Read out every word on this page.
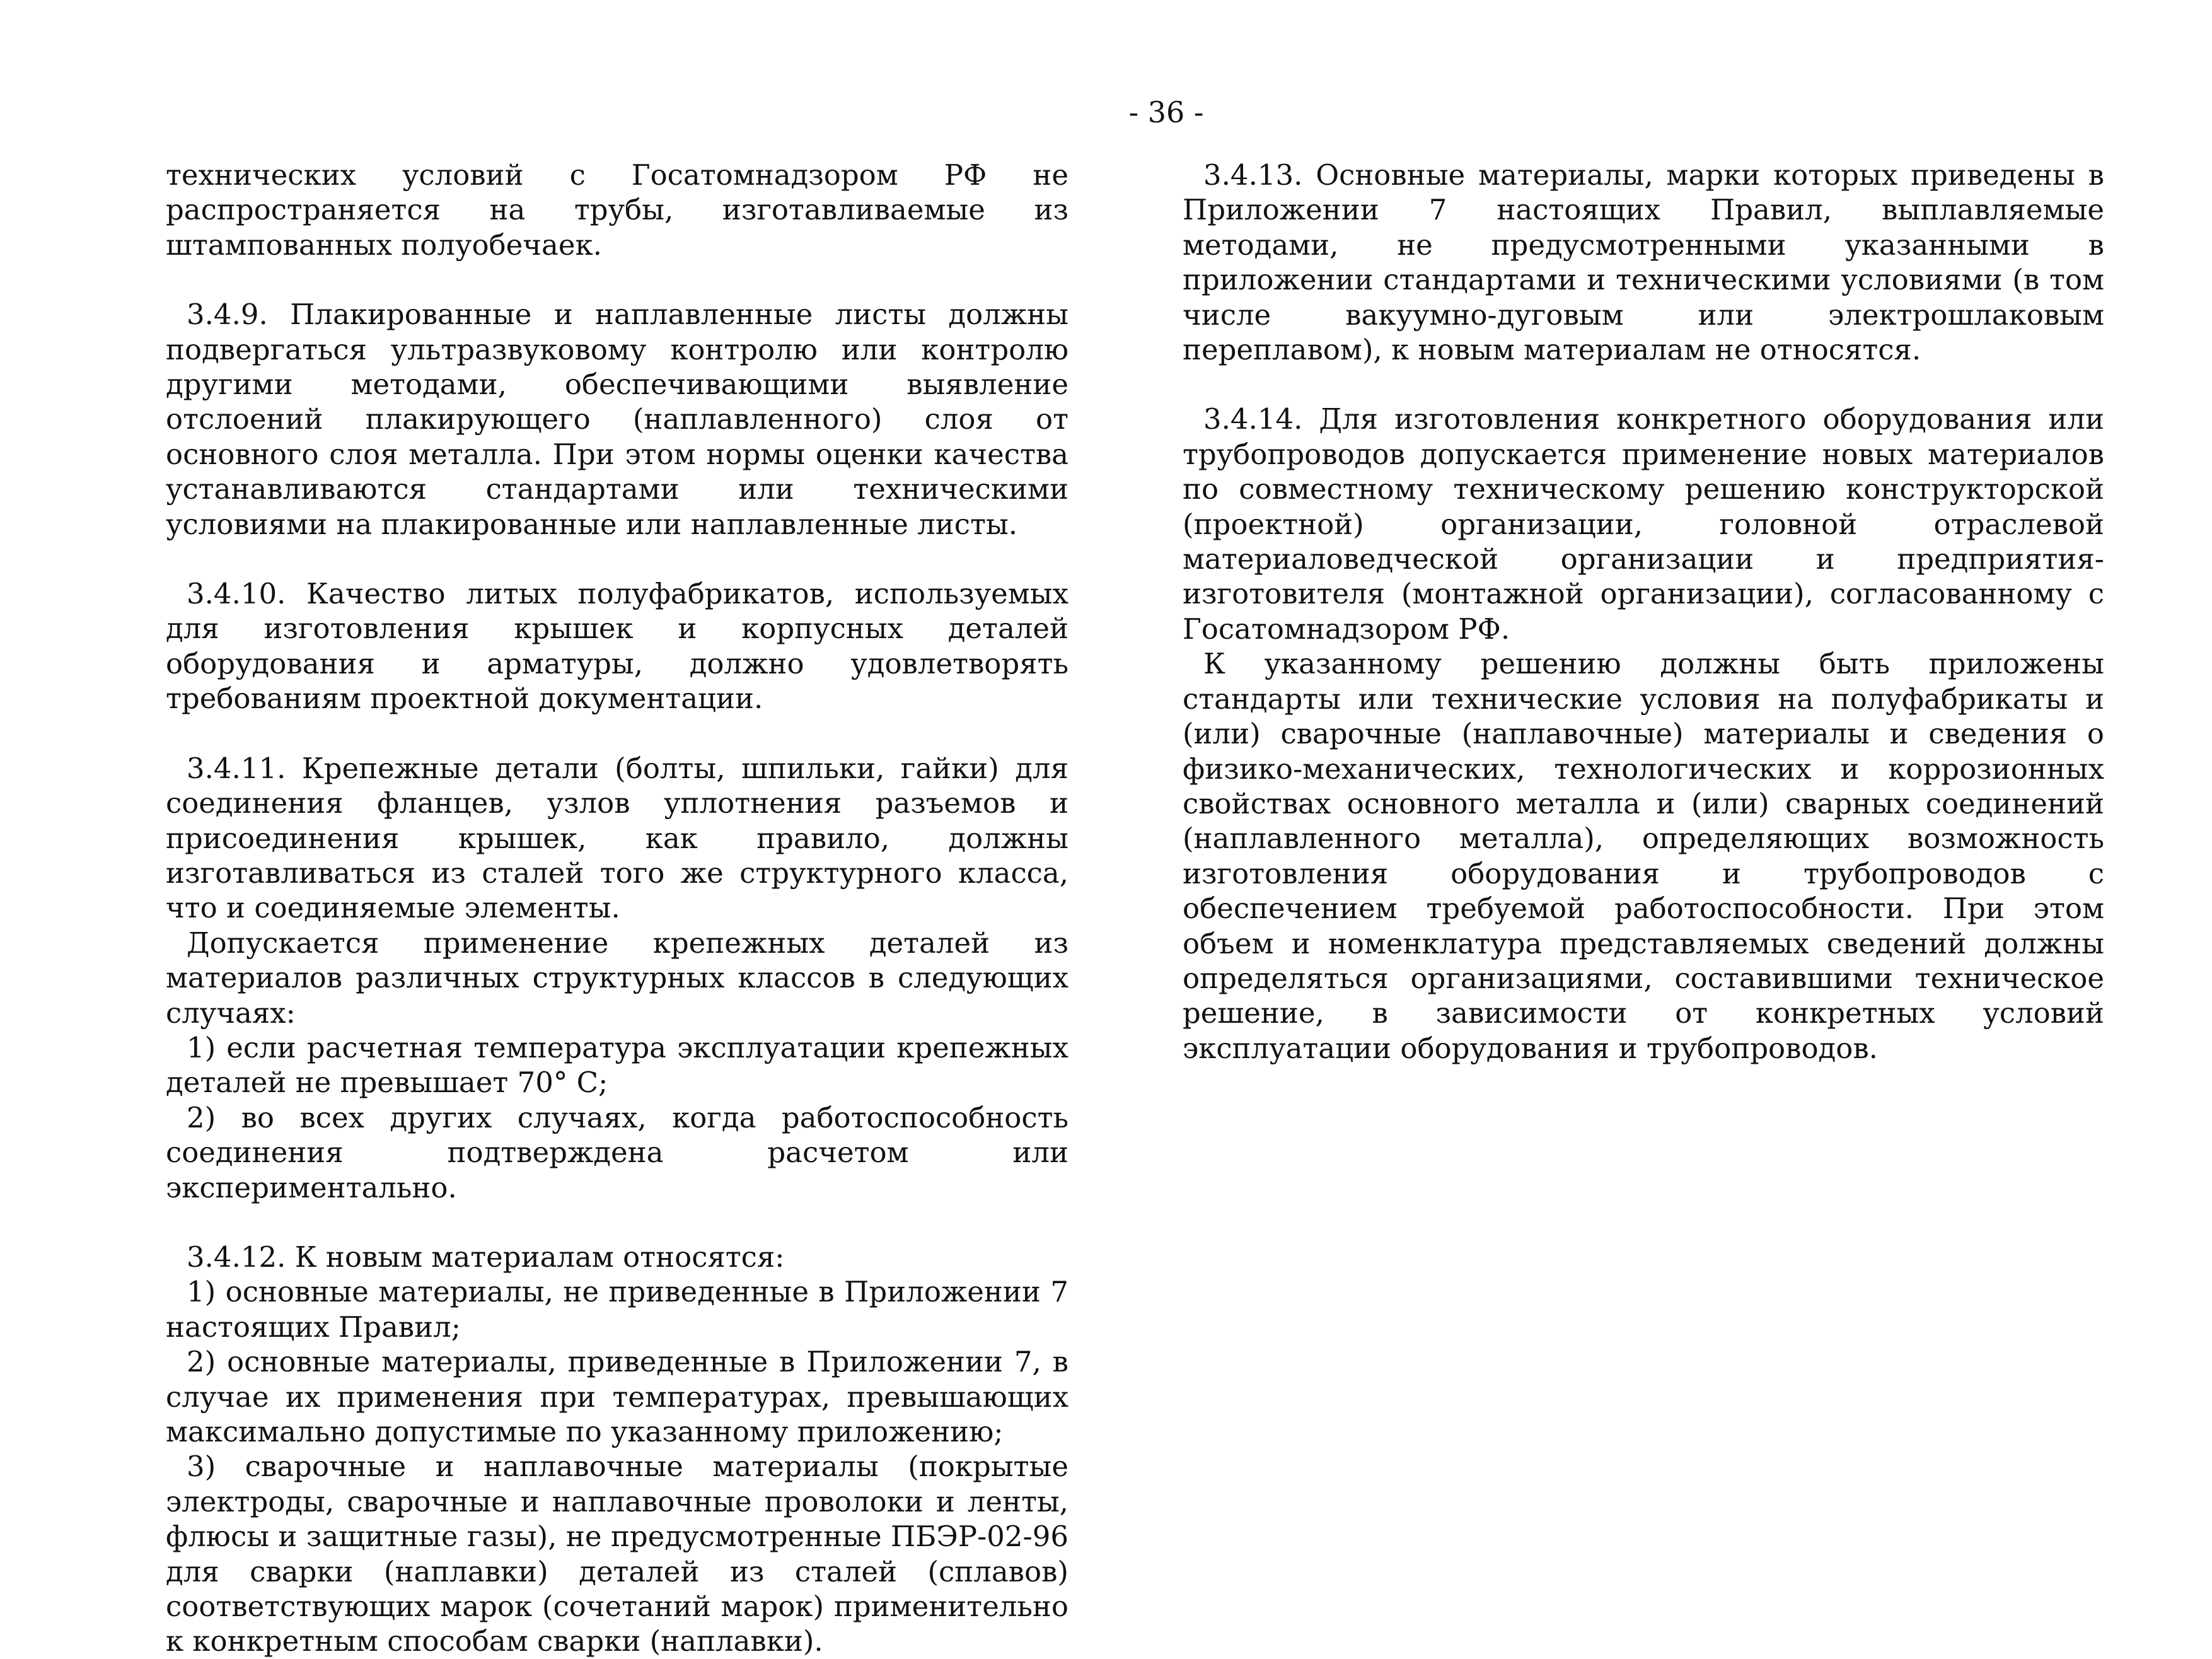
- 36 -

технических условий с Госатомнадзором РФ не распространяется на трубы, изготавливаемые из штампованных полуобечаек.

3.4.9. Плакированные и наплавленные листы должны подвергаться ультразвуковому контролю или контролю другими методами, обеспечивающими выявление отслоений плакирующего (наплавленного) слоя от основного слоя металла. При этом нормы оценки качества устанавливаются стандартами или техническими условиями на плакированные или наплавленные листы.

3.4.10. Качество литых полуфабрикатов, используемых для изготовления крышек и корпусных деталей оборудования и арматуры, должно удовлетворять требованиям проектной документации.

3.4.11. Крепежные детали (болты, шпильки, гайки) для соединения фланцев, узлов уплотнения разъемов и присоединения крышек, как правило, должны изготавливаться из сталей того же структурного класса, что и соединяемые элементы.

Допускается применение крепежных деталей из материалов различных структурных классов в следующих случаях:

1) если расчетная температура эксплуатации крепежных деталей не превышает 70° С;

2) во всех других случаях, когда работоспособность соединения подтверждена расчетом или экспериментально.

3.4.12. К новым материалам относятся:

1) основные материалы, не приведенные в Приложении 7 настоящих Правил;

2) основные материалы, приведенные в Приложении 7, в случае их применения при температурах, превышающих максимально допустимые по указанному приложению;

3) сварочные и наплавочные материалы (покрытые электроды, сварочные и наплавочные проволоки и ленты, флюсы и защитные газы), не предусмотренные ПБЭР-02-96 для сварки (наплавки) деталей из сталей (сплавов) соответствующих марок (сочетаний марок) применительно к конкретным способам сварки (наплавки).

3.4.13. Основные материалы, марки которых приведены в Приложении 7 настоящих Правил, выплавляемые методами, не предусмотренными указанными в приложении стандартами и техническими условиями (в том числе вакуумно-дуговым или электрошлаковым переплавом), к новым материалам не относятся.

3.4.14. Для изготовления конкретного оборудования или трубопроводов допускается применение новых материалов по совместному техническому решению конструкторской (проектной) организации, головной отраслевой материаловедческой организации и предприятия-изготовителя (монтажной организации), согласованному с Госатомнадзором РФ.

К указанному решению должны быть приложены стандарты или технические условия на полуфабрикаты и (или) сварочные (наплавочные) материалы и сведения о физико-механических, технологических и коррозионных свойствах основного металла и (или) сварных соединений (наплавленного металла), определяющих возможность изготовления оборудования и трубопроводов с обеспечением требуемой работоспособности. При этом объем и номенклатура представляемых сведений должны определяться организациями, составившими техническое решение, в зависимости от конкретных условий эксплуатации оборудования и трубопроводов.
